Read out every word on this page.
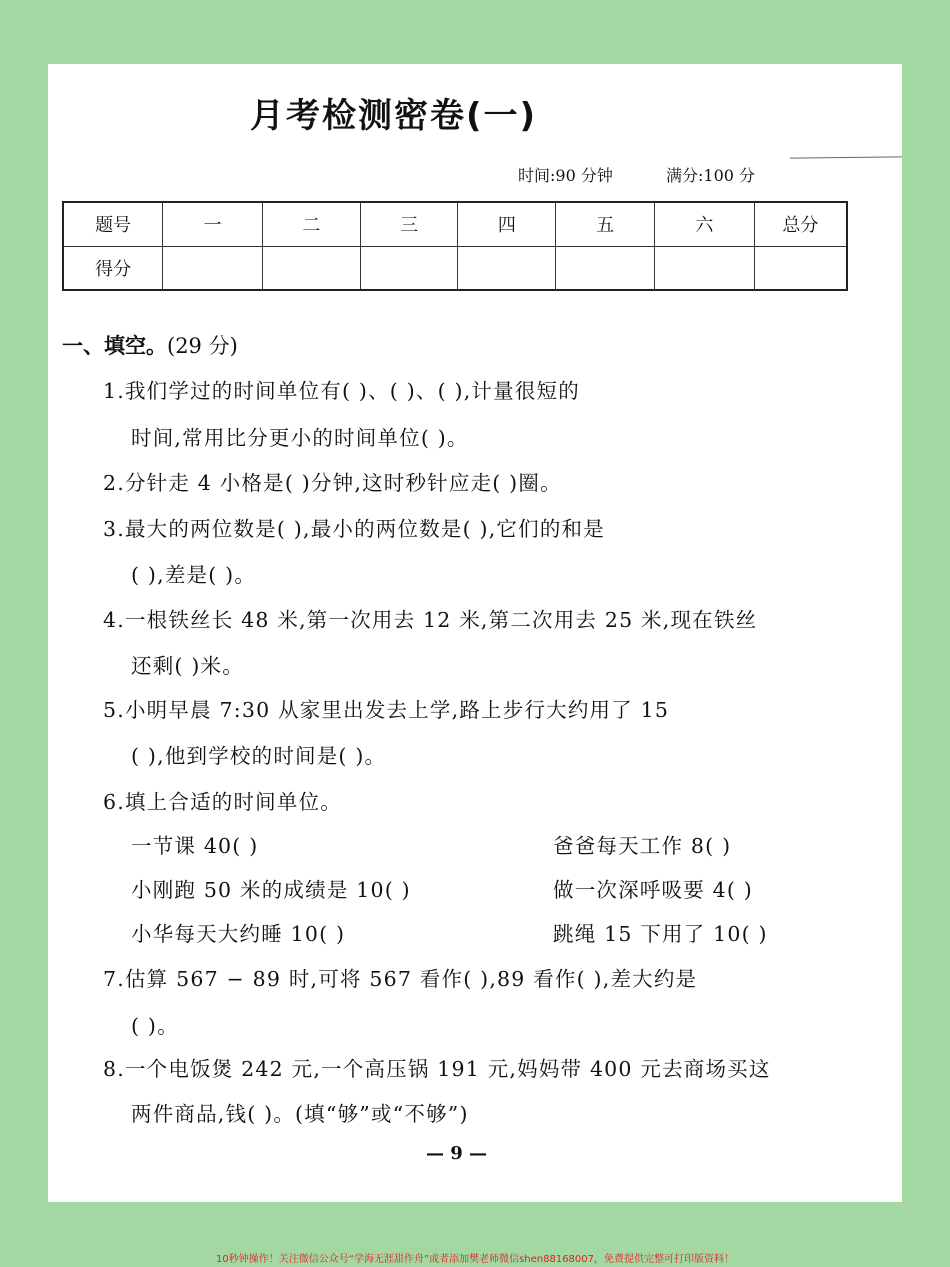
月考检测密卷(一)
时间:90 分钟	满分:100 分
题号	一	二	三	四	五	六	总分
得分							
一、填空。(29 分)
1.我们学过的时间单位有( )、( )、( ),计量很短的
时间,常用比分更小的时间单位( )。
2.分针走 4 小格是( )分钟,这时秒针应走( )圈。
3.最大的两位数是( ),最小的两位数是( ),它们的和是
( ),差是( )。
4.一根铁丝长 48 米,第一次用去 12 米,第二次用去 25 米,现在铁丝
还剩( )米。
5.小明早晨 7:30 从家里出发去上学,路上步行大约用了 15
( ),他到学校的时间是( )。
6.填上合适的时间单位。
一节课 40( )	爸爸每天工作 8( )
小刚跑 50 米的成绩是 10( )	做一次深呼吸要 4( )
小华每天大约睡 10( )	跳绳 15 下用了 10( )
7.估算 567 − 89 时,可将 567 看作( ),89 看作( ),差大约是
( )。
8.一个电饭煲 242 元,一个高压锅 191 元,妈妈带 400 元去商场买这
两件商品,钱( )。(填“够”或“不够”)
— 9 —
10秒钟操作！关注微信公众号“学海无涯甜作舟”或者添加樊老师微信shen88168007，免费提供完整可打印版资料！
